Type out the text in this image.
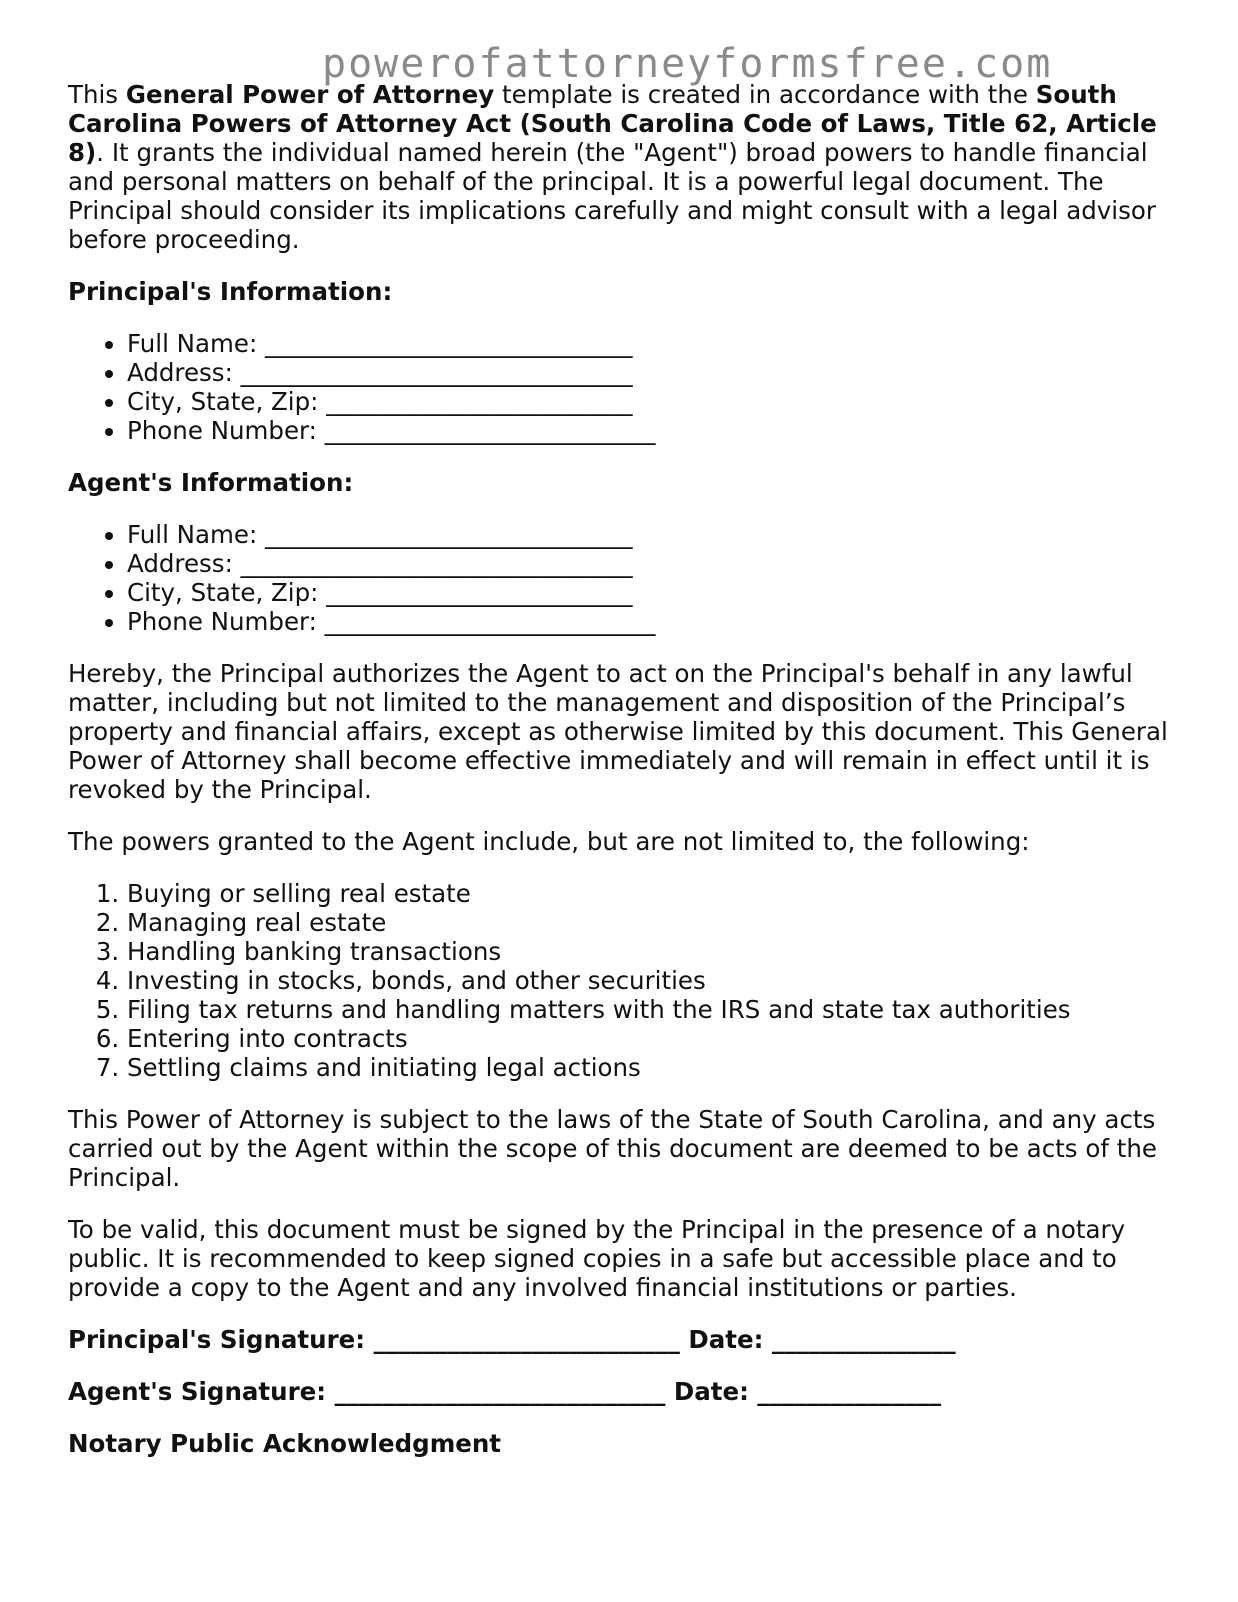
powerofattorneyformsfree.com

This General Power of Attorney template is created in accordance with the South Carolina Powers of Attorney Act (South Carolina Code of Laws, Title 62, Article 8). It grants the individual named herein (the "Agent") broad powers to handle financial and personal matters on behalf of the principal. It is a powerful legal document. The Principal should consider its implications carefully and might consult with a legal advisor before proceeding.

Principal's Information:

• Full Name: ______________________________
• Address: ________________________________
• City, State, Zip: _________________________
• Phone Number: ___________________________

Agent's Information:

• Full Name: ______________________________
• Address: ________________________________
• City, State, Zip: _________________________
• Phone Number: ___________________________

Hereby, the Principal authorizes the Agent to act on the Principal's behalf in any lawful matter, including but not limited to the management and disposition of the Principal’s property and financial affairs, except as otherwise limited by this document. This General Power of Attorney shall become effective immediately and will remain in effect until it is revoked by the Principal.

The powers granted to the Agent include, but are not limited to, the following:

1. Buying or selling real estate
2. Managing real estate
3. Handling banking transactions
4. Investing in stocks, bonds, and other securities
5. Filing tax returns and handling matters with the IRS and state tax authorities
6. Entering into contracts
7. Settling claims and initiating legal actions

This Power of Attorney is subject to the laws of the State of South Carolina, and any acts carried out by the Agent within the scope of this document are deemed to be acts of the Principal.

To be valid, this document must be signed by the Principal in the presence of a notary public. It is recommended to keep signed copies in a safe but accessible place and to provide a copy to the Agent and any involved financial institutions or parties.

Principal's Signature: _________________________ Date: _______________

Agent's Signature: ___________________________ Date: _______________

Notary Public Acknowledgment
